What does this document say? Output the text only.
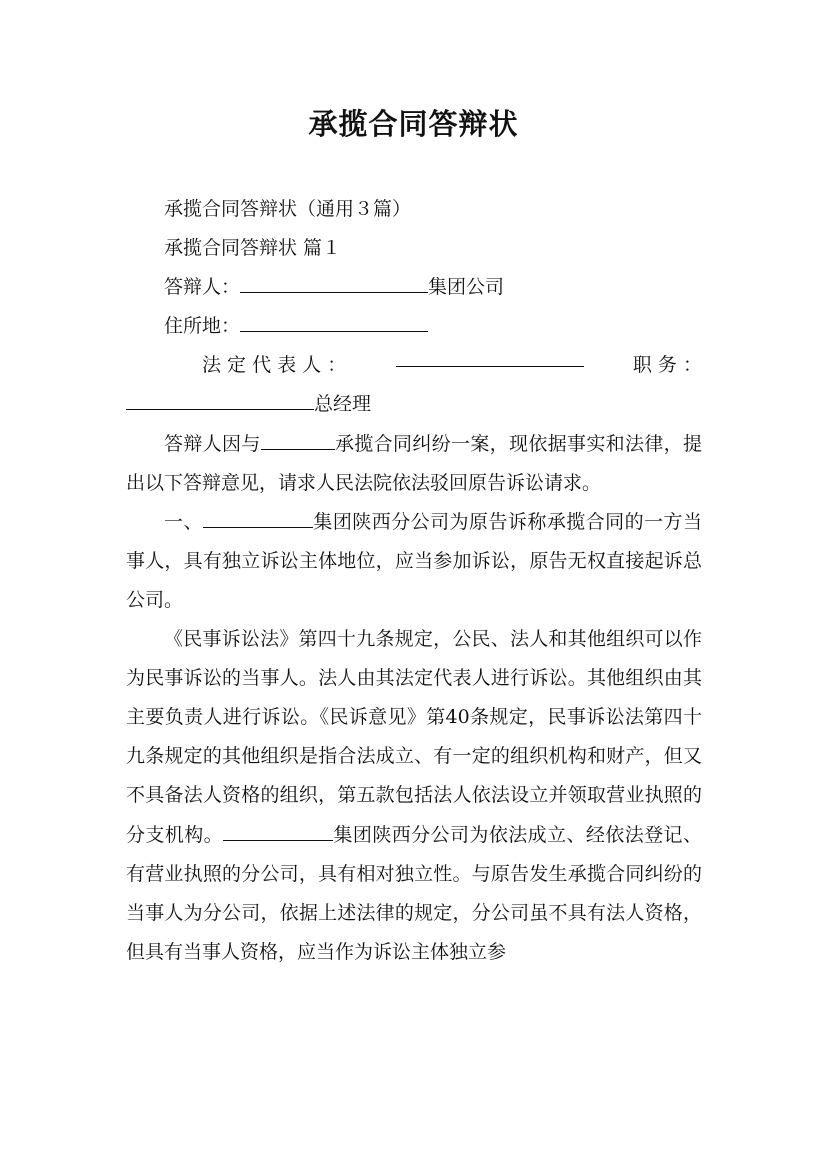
承揽合同答辩状

承揽合同答辩状（通用３篇）

承揽合同答辩状 篇１

答辩人：	集团公司

住所地：

法 定 代 表 人 ：	职 务 ：

总经理

答辩人因与	承揽合同纠纷一案，现依据事实和法律，提出以下答辩意见，请求人民法院依法驳回原告诉讼请求。

一、	集团陕西分公司为原告诉称承揽合同的一方当事人，具有独立诉讼主体地位，应当参加诉讼，原告无权直接起诉总公司。

《民事诉讼法》第四十九条规定，公民、法人和其他组织可以作为民事诉讼的当事人。法人由其法定代表人进行诉讼。其他组织由其主要负责人进行诉讼。《民诉意见》第40条规定，民事诉讼法第四十九条规定的其他组织是指合法成立、有一定的组织机构和财产，但又不具备法人资格的组织，第五款包括法人依法设立并领取营业执照的分支机构。	集团陕西分公司为依法成立、经依法登记、有营业执照的分公司，具有相对独立性。与原告发生承揽合同纠纷的当事人为分公司，依据上述法律的规定，分公司虽不具有法人资格，但具有当事人资格，应当作为诉讼主体独立参
